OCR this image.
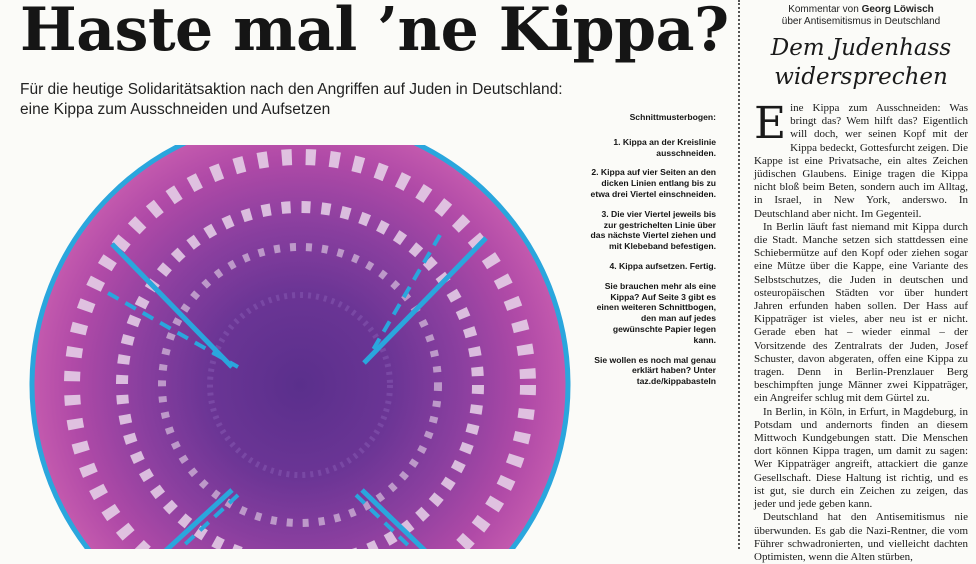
Haste mal ’ne Kippa?

Für die heutige Solidaritätsaktion nach den Angriffen auf Juden in Deutschland: eine Kippa zum Ausschneiden und Aufsetzen	Schnittmusterbogen:

1. Kippa an der Kreislinie ausschneiden.

2. Kippa auf vier Seiten an den dicken Linien entlang bis zu etwa drei Viertel einschneiden.

3. Die vier Viertel jeweils bis zur gestrichelten Linie über das nächste Viertel ziehen und mit Klebeband befestigen.

4. Kippa aufsetzen. Fertig.

Sie brauchen mehr als eine Kippa? Auf Seite 3 gibt es einen weiteren Schnittbogen, den man auf jedes gewünschte Papier legen kann.

Sie wollen es noch mal genau erklärt haben? Unter taz.de/kippabasteln

Kommentar von Georg Löwisch
über Antisemitismus in Deutschland
Dem Judenhass widersprechen

Eine Kippa zum Ausschneiden: Was bringt das? Wem hilft das? Eigentlich will doch, wer seinen Kopf mit der Kippa bedeckt, Gottesfurcht zeigen. Die Kappe ist eine Privatsache, ein altes Zeichen jüdischen Glaubens. Einige tragen die Kippa nicht bloß beim Beten, sondern auch im Alltag, in Israel, in New York, anderswo. In Deutschland aber nicht. Im Gegenteil.

In Berlin läuft fast niemand mit Kippa durch die Stadt. Manche setzen sich stattdessen eine Schiebermütze auf den Kopf oder ziehen sogar eine Mütze über die Kappe, eine Variante des Selbstschutzes, die Juden in deutschen und osteuropäischen Städten vor über hundert Jahren erfunden haben sollen. Der Hass auf Kippaträger ist vieles, aber neu ist er nicht. Gerade eben hat – wieder einmal – der Vorsitzende des Zentralrats der Juden, Josef Schuster, davon abgeraten, offen eine Kippa zu tragen. Denn in Berlin-Prenzlauer Berg beschimpften junge Männer zwei Kippaträger, ein Angreifer schlug mit dem Gürtel zu.

In Berlin, in Köln, in Erfurt, in Magdeburg, in Potsdam und andernorts finden an diesem Mittwoch Kundgebungen statt. Die Menschen dort können Kippa tragen, um damit zu sagen: Wer Kippaträger angreift, attackiert die ganze Gesellschaft. Diese Haltung ist richtig, und es ist gut, sie durch ein Zeichen zu zeigen, das jeder und jede geben kann.

Deutschland hat den Antisemitismus nie überwunden. Es gab die Nazi-Rentner, die vom Führer schwadronierten, und vielleicht dachten Optimisten, wenn die Alten stürben,
